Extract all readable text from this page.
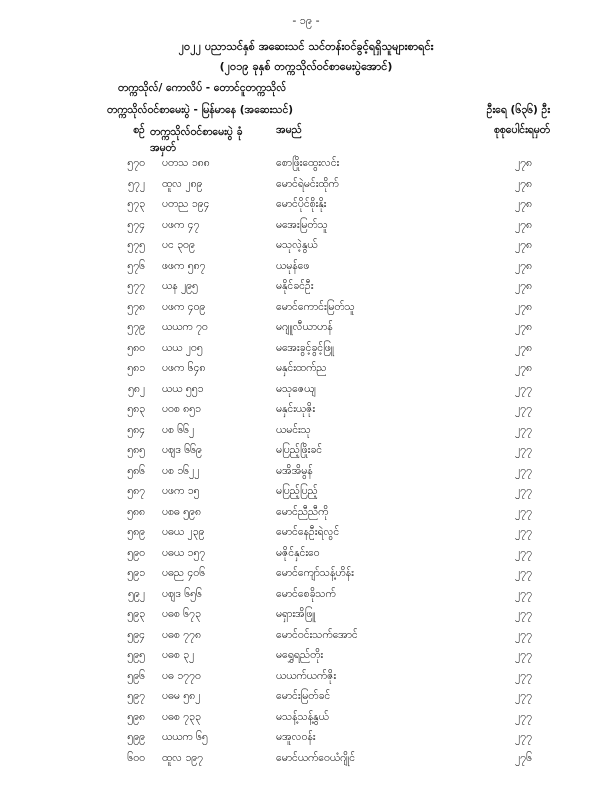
- ၁၉ -
၂၀၂၂ ပညာသင်နှစ် အဆေးသင် သင်တန်းဝင်ခွင့်ရရှိသူများစာရင်း
(၂၀၁၉ ခုနှစ် တက္ကသိုလ်ဝင်စာမေးပွဲအောင်)
တက္ကသိုလ်/ ကောလိပ် - တောင်ငူတက္ကသိုလ်
တက္ကသိုလ်ဝင်စာမေးပွဲ - မြန်မာနေ (အဆေးသင်)	ဦးရေ (၆၃၆) ဦး
စဉ် တက္ကသိုလ်ဝင်စာမေးပွဲ ခုံအမှတ်
အမည်	စုစုပေါင်းရမှတ်
၅၇၀ ပတသ ၁၈၈	စောဖြိုးထွေးလင်း	၂၇၈
၅၇၂ ထူလ ၂၈၉	မောင်ရဲမင်းထိုက်	၂၇၈
၅၇၃ ပတည ၁၉၄	မောင်ပိုင်စိုးနိုး	၂၇၈
၅၇၄ ပဖက ၄၇	မအေးမြတ်သူ	၂၇၈
၅၇၅ ပင ၃၀၉	မသုလဲ့နွယ်	၂၇၈
၅၇၆ ဖဖက ၅၈၇	ယမုန်ဖေ	၂၇၈
၅၇၇ ယန ၂၉၅	မနိုင်ခင်ဦး	၂၇၈
၅၇၈ ပဖက ၄၀၉	မောင်ကောင်းမြတ်သူ	၂၇၈
၅၇၉ ယယက ၇၀	မဂျူလီယာဟန်	၂၇၈
၅၈၀ ယယ ၂၀၅	မအေးခွင့်ခွင့်ဖြူ	၂၇၈
၅၈၁ ပဖက ၆၄၈	မနှင်းထက်ည	၂၇၈
၅၈၂ ယယ ၅၅၁	မသုဇေယျ	၂၇၇
၅၈၃ ပဝစ ၈၅၁	မနှင်းယုဇိုး	၂၇၇
၅၈၄ ပစ ၆၆၂	ယမင်းသု	၂၇၇
၅၈၅ ပဈဒ ၆၆၉	မပြည့်ဖြိုးခင်	၂၇၇
၅၈၆ ပစ ၁၆၂၂	မအိအိမွန်	၂၇၇
၅၈၇ ပဖက ၁၅	မပြည့်ပြည့်	၂၇၇
၅၈၈ ပစဓ ၅၉၈	မောင်ညီညီကို	၂၇၇
၅၈၉ ပဓယ ၂၃၉	မောင်နေဦးရဲလွင်	၂၇၇
၅၉၀ ပဓယ ၁၅၇	မဇိုင်နှင်းဝေ	၂၇၇
၅၉၁ ပဓည ၄၀၆	မောင်ကျော်သန့်ဟိန်း	၂၇၇
၅၉၂ ပဈဒ ၆၅၆	မောင်စေခိုသက်	၂၇၇
၅၉၃ ပဓစ ၆၇၃	မရှားအိဖြူ	၂၇၇
၅၉၄ ပဓစ ၇၇၈	မောင်ဝင်းသက်အောင်	၂၇၇
၅၉၅ ပဓစ ၃၂	မရွှေရည်တိုး	၂၇၇
၅၉၆ ပဓ ၁၇၇၀	ယယက်ယက်ဇိုး	၂၇၇
၅၉၇ ပဓမ ၅၈၂	မောင်းမြတ်ခင်	၂၇၇
၅၉၈ ပဓစ ၇၃၃	မသန့်သန့်နွယ်	၂၇၇
၅၉၉ ယယက ၆၅	မအူလဝန်း	၂၇၇
၆၀၀ ထူလ ၁၉၇	မောင်ယက်ဝေယံဂျိုင်	၂၇၆
